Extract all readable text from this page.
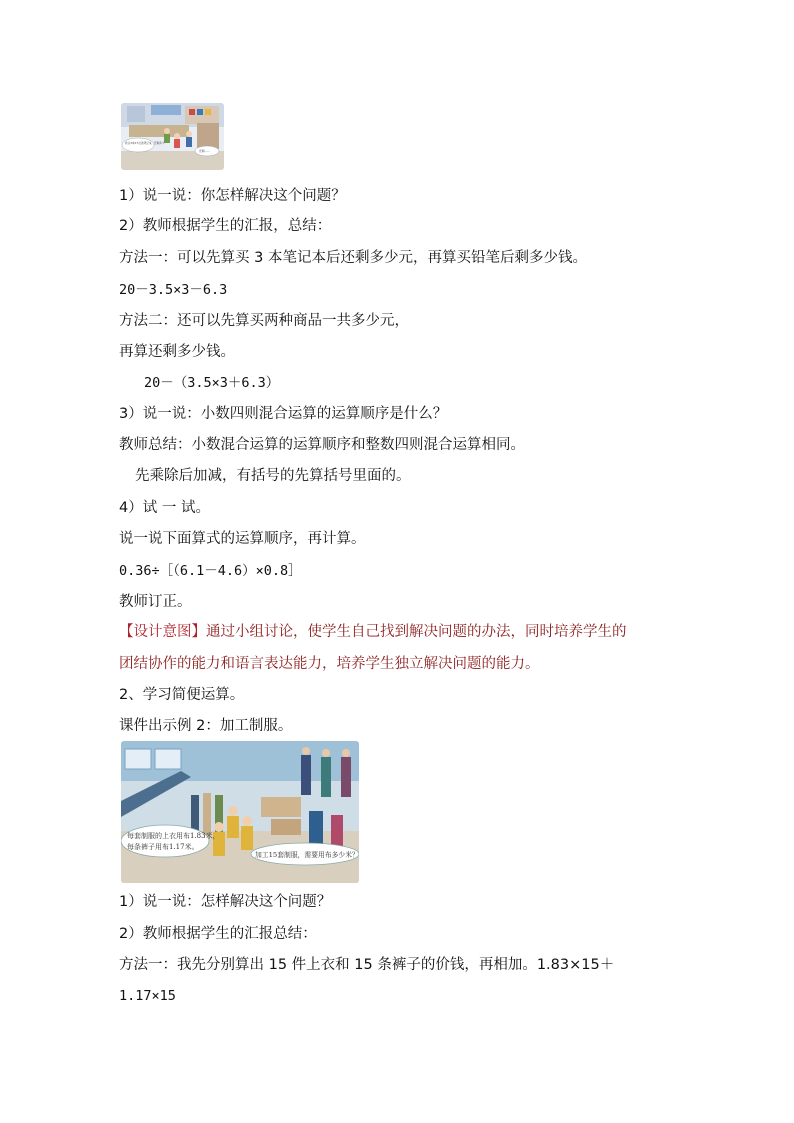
我买3本3.5元的笔记本，还剩多少
还剩……
1）说一说：你怎样解决这个问题？
2）教师根据学生的汇报，总结：
方法一：可以先算买 3 本笔记本后还剩多少元，再算买铅笔后剩多少钱。
20－3.5×3－6.3
方法二：还可以先算买两种商品一共多少元，
再算还剩多少钱。
20－（3.5×3＋6.3）
3）说一说：小数四则混合运算的运算顺序是什么？
教师总结：小数混合运算的运算顺序和整数四则混合运算相同。
先乘除后加减，有括号的先算括号里面的。
4）试 一 试。
说一说下面算式的运算顺序，再计算。
0.36÷［（6.1－4.6）×0.8］
教师订正。
【设计意图】通过小组讨论，使学生自己找到解决问题的办法，同时培养学生的
团结协作的能力和语言表达能力，培养学生独立解决问题的能力。
2、学习简便运算。
课件出示例 2：加工制服。
每套制服的上衣用布1.83米，
每条裤子用布1.17米。
加工15套制服，需要用布多少米？
1）说一说：怎样解决这个问题？
2）教师根据学生的汇报总结：
方法一：我先分别算出 15 件上衣和 15 条裤子的价钱，再相加。1.83×15＋
1.17×15
